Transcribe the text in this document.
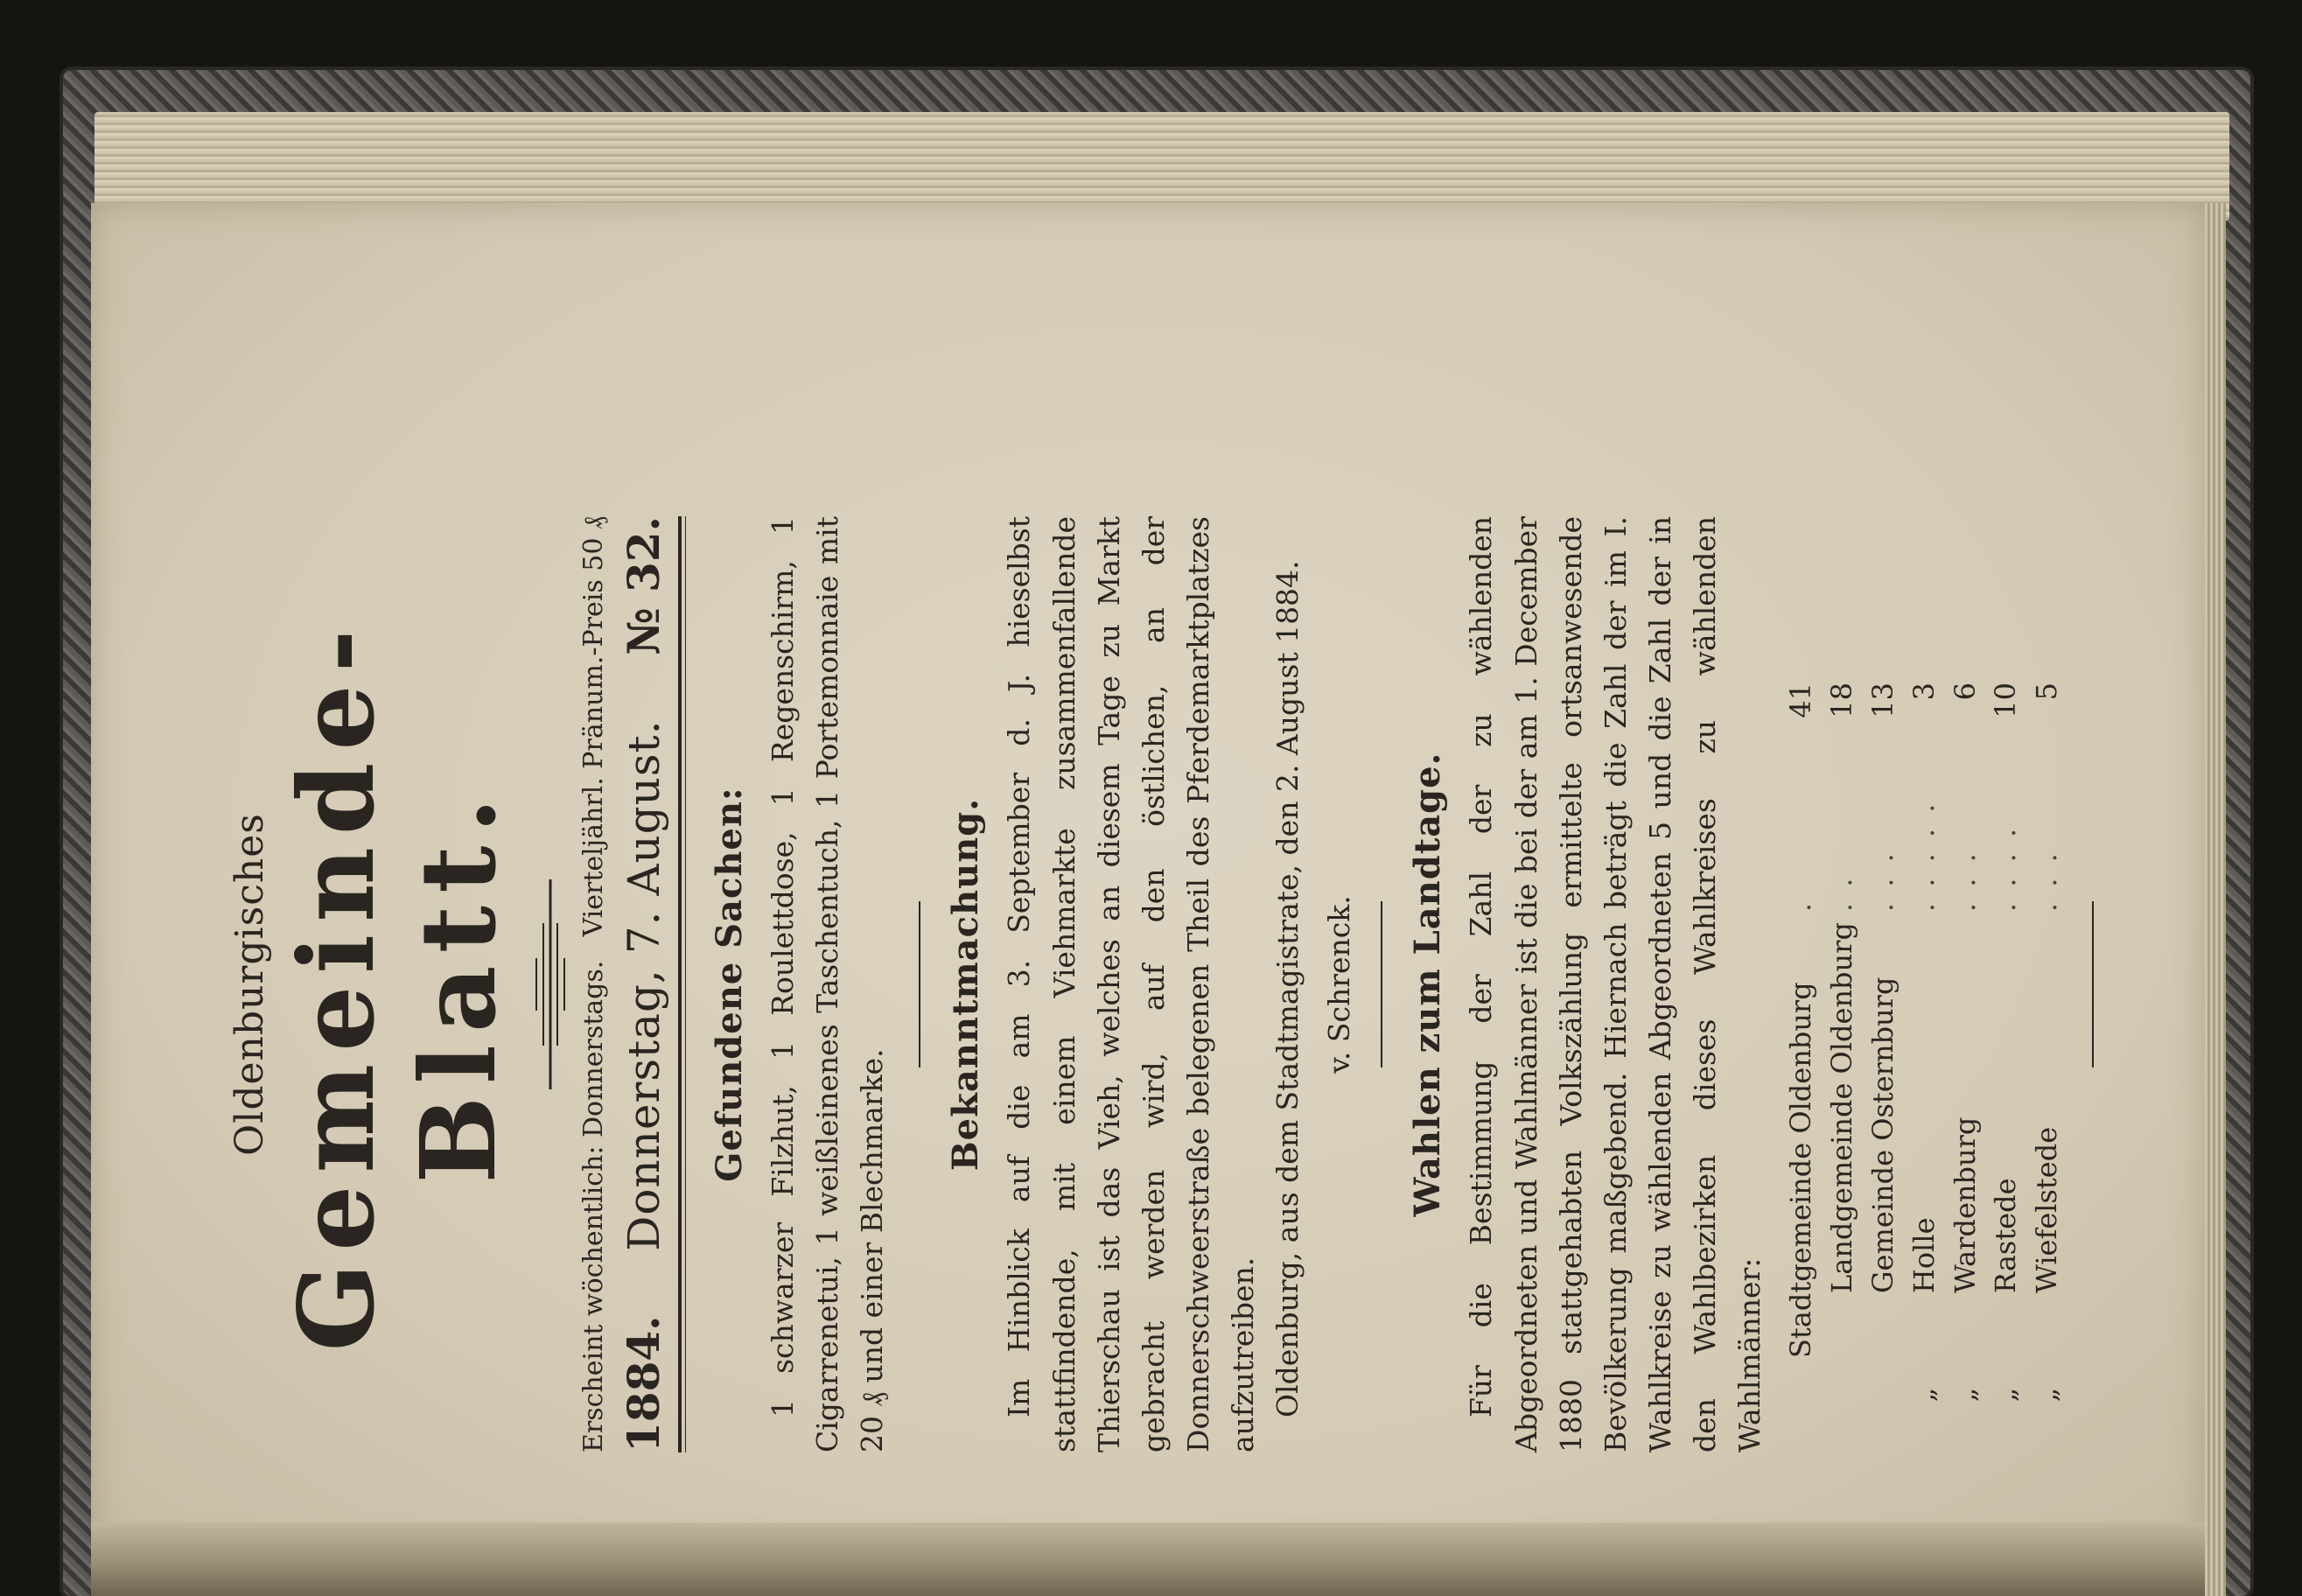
Oldenburgisches Gemeinde-Blatt. Erscheint wöchentlich: Donnerstags.
Vierteljährl. Pränum.-Preis 50 ₰
1884.
Donnerstag, 7. August.
№ 32.
Gefundene Sachen: 1 schwarzer Filzhut, 1 Roulettdose, 1 Regenschirm, 1 Cigarrenetui, 1 weißleinenes Taschentuch, 1 Portemonnaie mit 20 ₰ und einer Blechmarke.

Bekanntmachung. Im Hinblick auf die am 3. September d. J. hieselbst stattfindende, mit einem Viehmarkte zusammenfallende Thierschau ist das Vieh, welches an diesem Tage zu Markt gebracht werden wird, auf den östlichen, an der Donnerschweerstraße belegenen Theil des Pferdemarktplatzes aufzutreiben. Oldenburg, aus dem Stadtmagistrate, den 2. August 1884. v. Schrenck. Wahlen zum Landtage. Für die Bestimmung der Zahl der zu wählenden Abgeordneten und Wahlmänner ist die bei der am 1. December 1880 stattgehabten Volkszählung ermittelte ortsanwesende Bevölkerung maßgebend. Hiernach beträgt die Zahl der im I. Wahlkreise zu wählenden Abgeordneten 5 und die Zahl der in den Wahlbezirken dieses Wahlkreises zu wählenden Wahlmänner:

	Stadtgemeinde Oldenburg	.	41
	Landgemeinde Oldenburg	. .	18
	Gemeinde Osternburg	. . .	13
„	Holle	. . . . .	3
„	Wardenburg	. . .	6
„	Rastede	. . . .	10
„	Wiefelstede	. . .	5
